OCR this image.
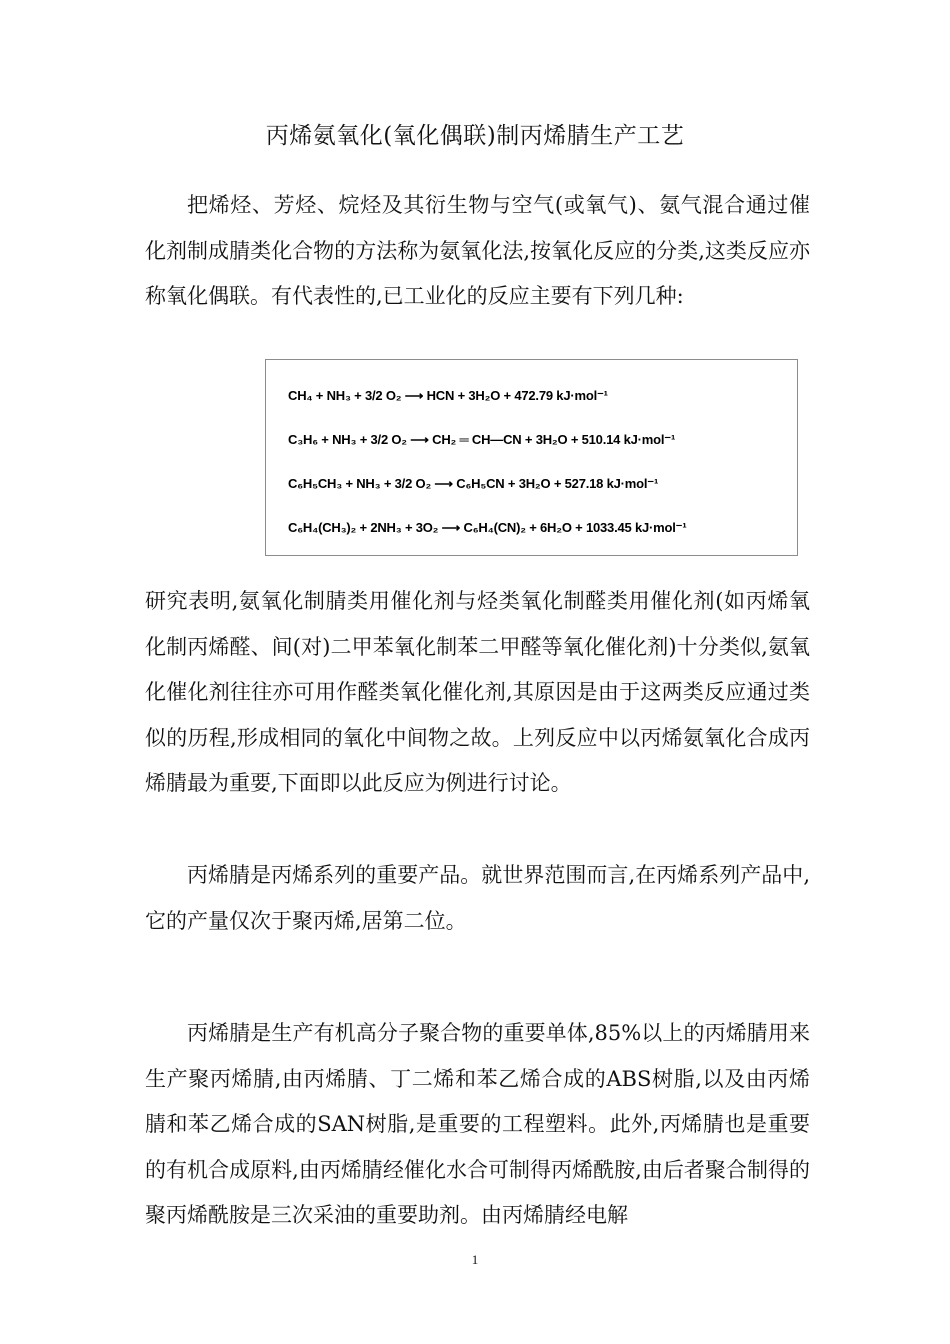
丙烯氨氧化(氧化偶联)制丙烯腈生产工艺

把烯烃、芳烃、烷烃及其衍生物与空气(或氧气)、氨气混合通过催化剂制成腈类化合物的方法称为氨氧化法,按氧化反应的分类,这类反应亦称氧化偶联。有代表性的,已工业化的反应主要有下列几种:

CH₄ + NH₃ + 3/2 O₂ ⟶ HCN + 3H₂O + 472.79 kJ·mol⁻¹
C₃H₆ + NH₃ + 3/2 O₂ ⟶ CH₂ ═ CH—CN + 3H₂O + 510.14 kJ·mol⁻¹
C₆H₅CH₃ + NH₃ + 3/2 O₂ ⟶ C₆H₅CN + 3H₂O + 527.18 kJ·mol⁻¹
C₆H₄(CH₃)₂ + 2NH₃ + 3O₂ ⟶ C₆H₄(CN)₂ + 6H₂O + 1033.45 kJ·mol⁻¹

研究表明,氨氧化制腈类用催化剂与烃类氧化制醛类用催化剂(如丙烯氧化制丙烯醛、间(对)二甲苯氧化制苯二甲醛等氧化催化剂)十分类似,氨氧化催化剂往往亦可用作醛类氧化催化剂,其原因是由于这两类反应通过类似的历程,形成相同的氧化中间物之故。上列反应中以丙烯氨氧化合成丙烯腈最为重要,下面即以此反应为例进行讨论。

丙烯腈是丙烯系列的重要产品。就世界范围而言,在丙烯系列产品中,它的产量仅次于聚丙烯,居第二位。

丙烯腈是生产有机高分子聚合物的重要单体,85%以上的丙烯腈用来生产聚丙烯腈,由丙烯腈、丁二烯和苯乙烯合成的ABS树脂,以及由丙烯腈和苯乙烯合成的SAN树脂,是重要的工程塑料。此外,丙烯腈也是重要的有机合成原料,由丙烯腈经催化水合可制得丙烯酰胺,由后者聚合制得的聚丙烯酰胺是三次采油的重要助剂。由丙烯腈经电解

1
